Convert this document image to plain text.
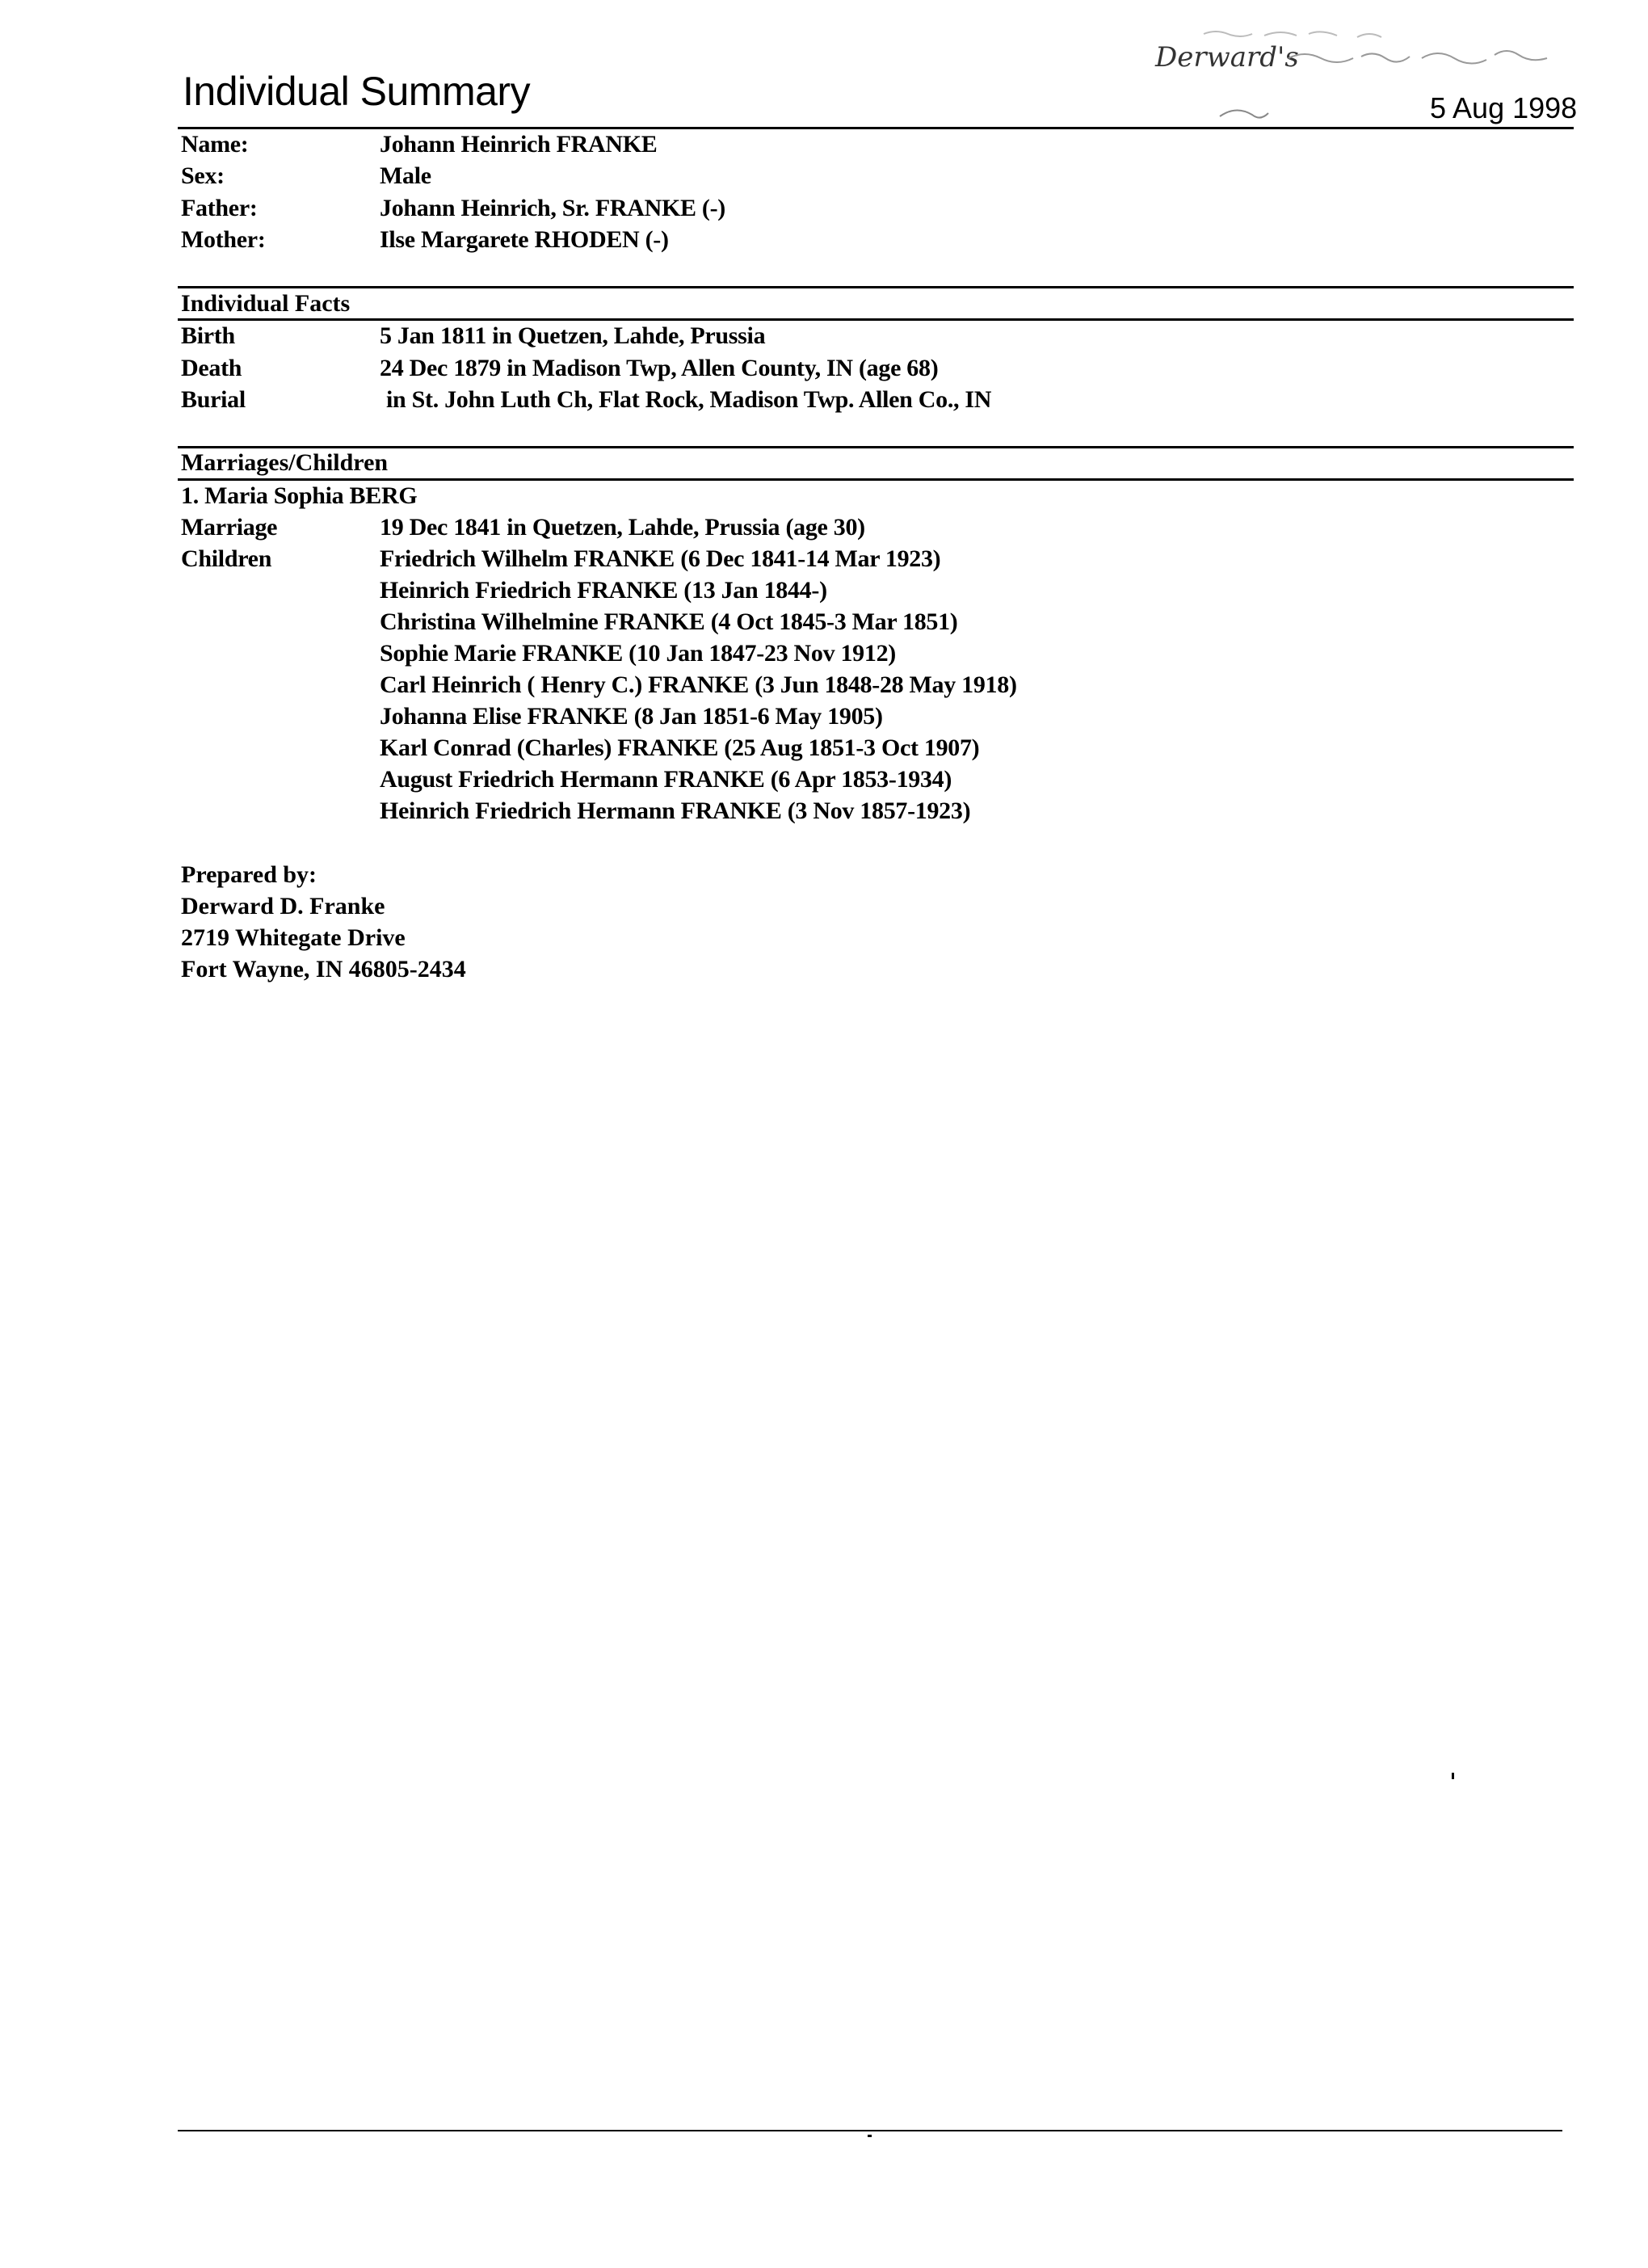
Individual Summary
Derward's
5 Aug 1998
Name:	Johann Heinrich FRANKE
Sex:	Male
Father:	Johann Heinrich, Sr. FRANKE (-)
Mother:	Ilse Margarete RHODEN (-)
Individual Facts
Birth	5 Jan 1811 in Quetzen, Lahde, Prussia
Death	24 Dec 1879 in Madison Twp, Allen County, IN (age 68)
Burial	in St. John Luth Ch, Flat Rock, Madison Twp. Allen Co., IN
Marriages/Children
1. Maria Sophia BERG
Marriage	19 Dec 1841 in Quetzen, Lahde, Prussia (age 30)
Children	Friedrich Wilhelm FRANKE (6 Dec 1841-14 Mar 1923)
Heinrich Friedrich FRANKE (13 Jan 1844-)
Christina Wilhelmine FRANKE (4 Oct 1845-3 Mar 1851)
Sophie Marie FRANKE (10 Jan 1847-23 Nov 1912)
Carl Heinrich ( Henry C.) FRANKE (3 Jun 1848-28 May 1918)
Johanna Elise FRANKE (8 Jan 1851-6 May 1905)
Karl Conrad (Charles) FRANKE (25 Aug 1851-3 Oct 1907)
August Friedrich Hermann FRANKE (6 Apr 1853-1934)
Heinrich Friedrich Hermann FRANKE (3 Nov 1857-1923)
Prepared by:
Derward D. Franke
2719 Whitegate Drive
Fort Wayne, IN 46805-2434
